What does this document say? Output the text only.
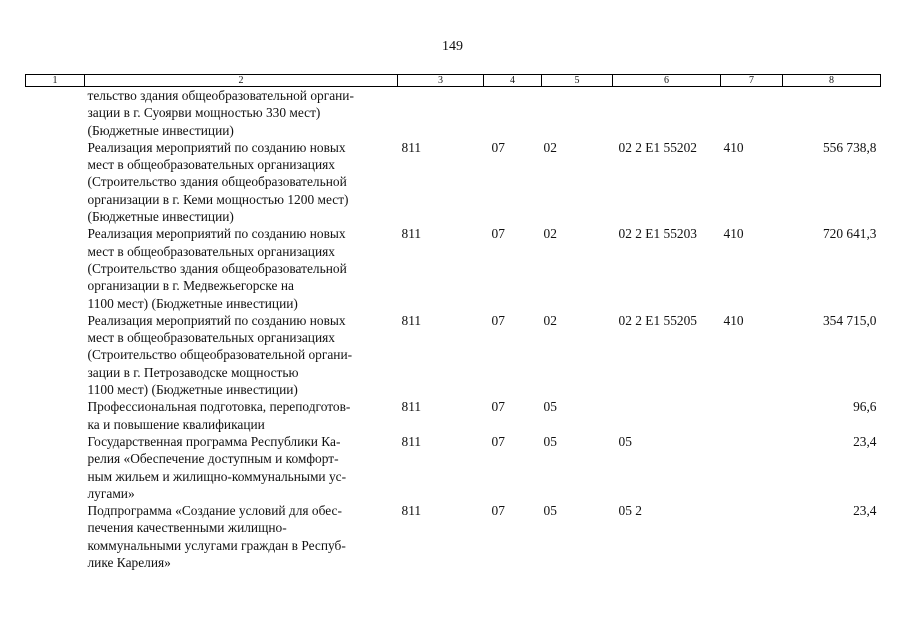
149
1	2	3	4	5	6	7	8
	тельство здания общеобразовательной органи-
зации в г. Суоярви мощностью 330 мест)
(Бюджетные инвестиции)						
	Реализация мероприятий по созданию новых
мест в общеобразовательных организациях
(Строительство здания общеобразовательной
организации в г. Кеми мощностью 1200 мест)
(Бюджетные инвестиции)	811	07	02	02 2 E1 55202	410	556 738,8
	Реализация мероприятий по созданию новых
мест в общеобразовательных организациях
(Строительство здания общеобразовательной
организации в г. Медвежьегорске на
1100 мест) (Бюджетные инвестиции)	811	07	02	02 2 E1 55203	410	720 641,3
	Реализация мероприятий по созданию новых
мест в общеобразовательных организациях
(Строительство общеобразовательной органи-
зации в г. Петрозаводске мощностью
1100 мест) (Бюджетные инвестиции)	811	07	02	02 2 E1 55205	410	354 715,0
	Профессиональная подготовка, переподготов-
ка и повышение квалификации	811	07	05			96,6
	Государственная программа Республики Ка-
релия «Обеспечение доступным и комфорт-
ным жильем и жилищно-коммунальными ус-
лугами»	811	07	05	05		23,4
	Подпрограмма «Создание условий для обес-
печения качественными жилищно-
коммунальными услугами граждан в Респуб-
лике Карелия»	811	07	05	05 2		23,4
